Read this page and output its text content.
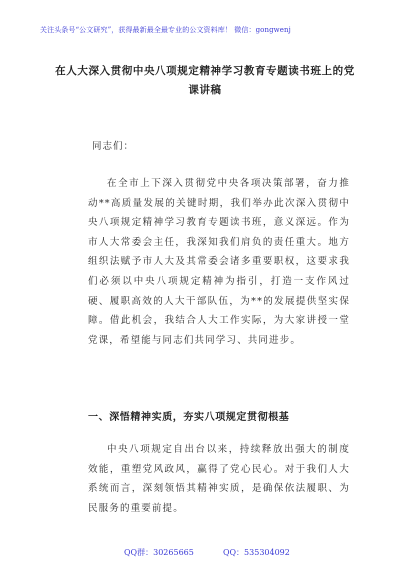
关注头条号“公文研究”，获得最新最全最专业的公文资料库！ 微信：gongwenj
在人大深入贯彻中央八项规定精神学习教育专题读书班上的党课讲稿
同志们：
在全市上下深入贯彻党中央各项决策部署，奋力推动**高质量发展的关键时期，我们举办此次深入贯彻中央八项规定精神学习教育专题读书班，意义深远。作为市人大常委会主任，我深知我们肩负的责任重大。地方组织法赋予市人大及其常委会诸多重要职权，这要求我们必须以中央八项规定精神为指引，打造一支作风过硬、履职高效的人大干部队伍，为**的发展提供坚实保障。借此机会，我结合人大工作实际，为大家讲授一堂党课，希望能与同志们共同学习、共同进步。
一、深悟精神实质，夯实八项规定贯彻根基
中央八项规定自出台以来，持续释放出强大的制度效能，重塑党风政风，赢得了党心民心。对于我们人大系统而言，深刻领悟其精神实质，是确保依法履职、为民服务的重要前提。
QQ群：30265665	QQ：535304092
